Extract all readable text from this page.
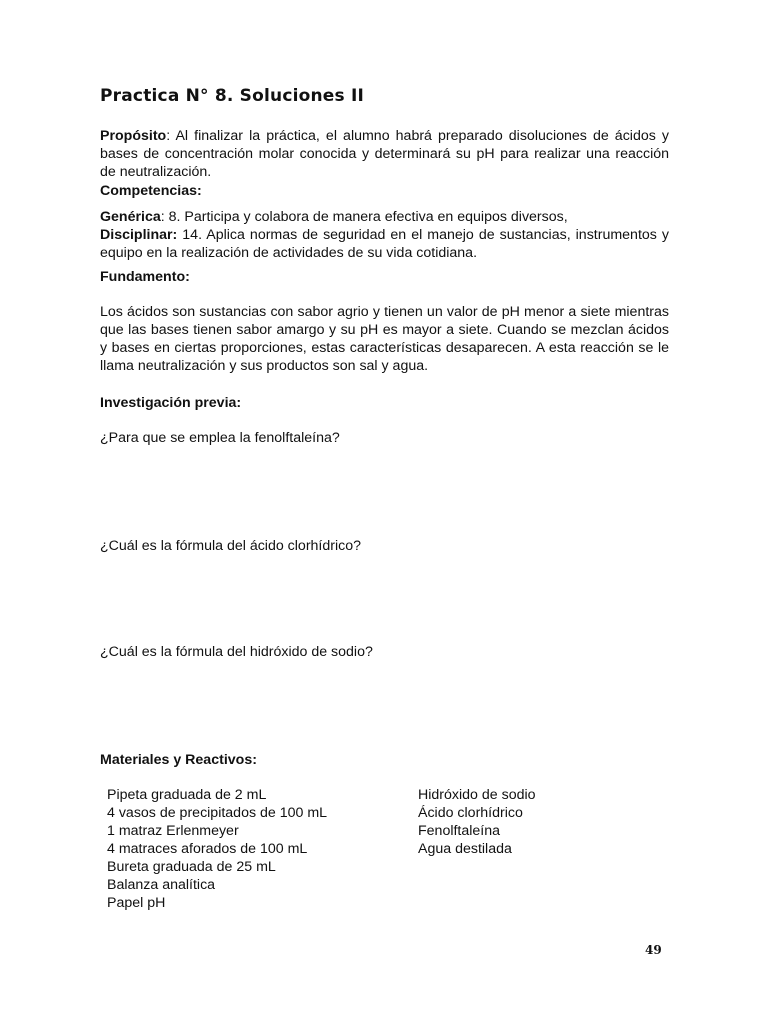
Practica N° 8. Soluciones II
Propósito: Al finalizar la práctica, el alumno habrá preparado disoluciones de ácidos y bases de concentración molar conocida y determinará su pH para realizar una reacción de neutralización.
Competencias:

Genérica: 8. Participa y colabora de manera efectiva en equipos diversos,

Disciplinar: 14. Aplica normas de seguridad en el manejo de sustancias, instrumentos y equipo en la realización de actividades de su vida cotidiana.

Fundamento:
Los ácidos son sustancias con sabor agrio y tienen un valor de pH menor a siete mientras que las bases tienen sabor amargo y su pH es mayor a siete. Cuando se mezclan ácidos y bases en ciertas proporciones, estas características desaparecen. A esta reacción se le llama neutralización y sus productos son sal y agua.
Investigación previa:
¿Para que se emplea la fenolftaleína?
¿Cuál es la fórmula del ácido clorhídrico?
¿Cuál es la fórmula del hidróxido de sodio?
Materiales y Reactivos:
Pipeta graduada de 2 mL
4 vasos de precipitados de 100 mL
1 matraz Erlenmeyer
4 matraces aforados de 100 mL
Bureta graduada de 25 mL
Balanza analítica
Papel pH
Hidróxido de sodio
Ácido clorhídrico
Fenolftaleína
Agua destilada
49
